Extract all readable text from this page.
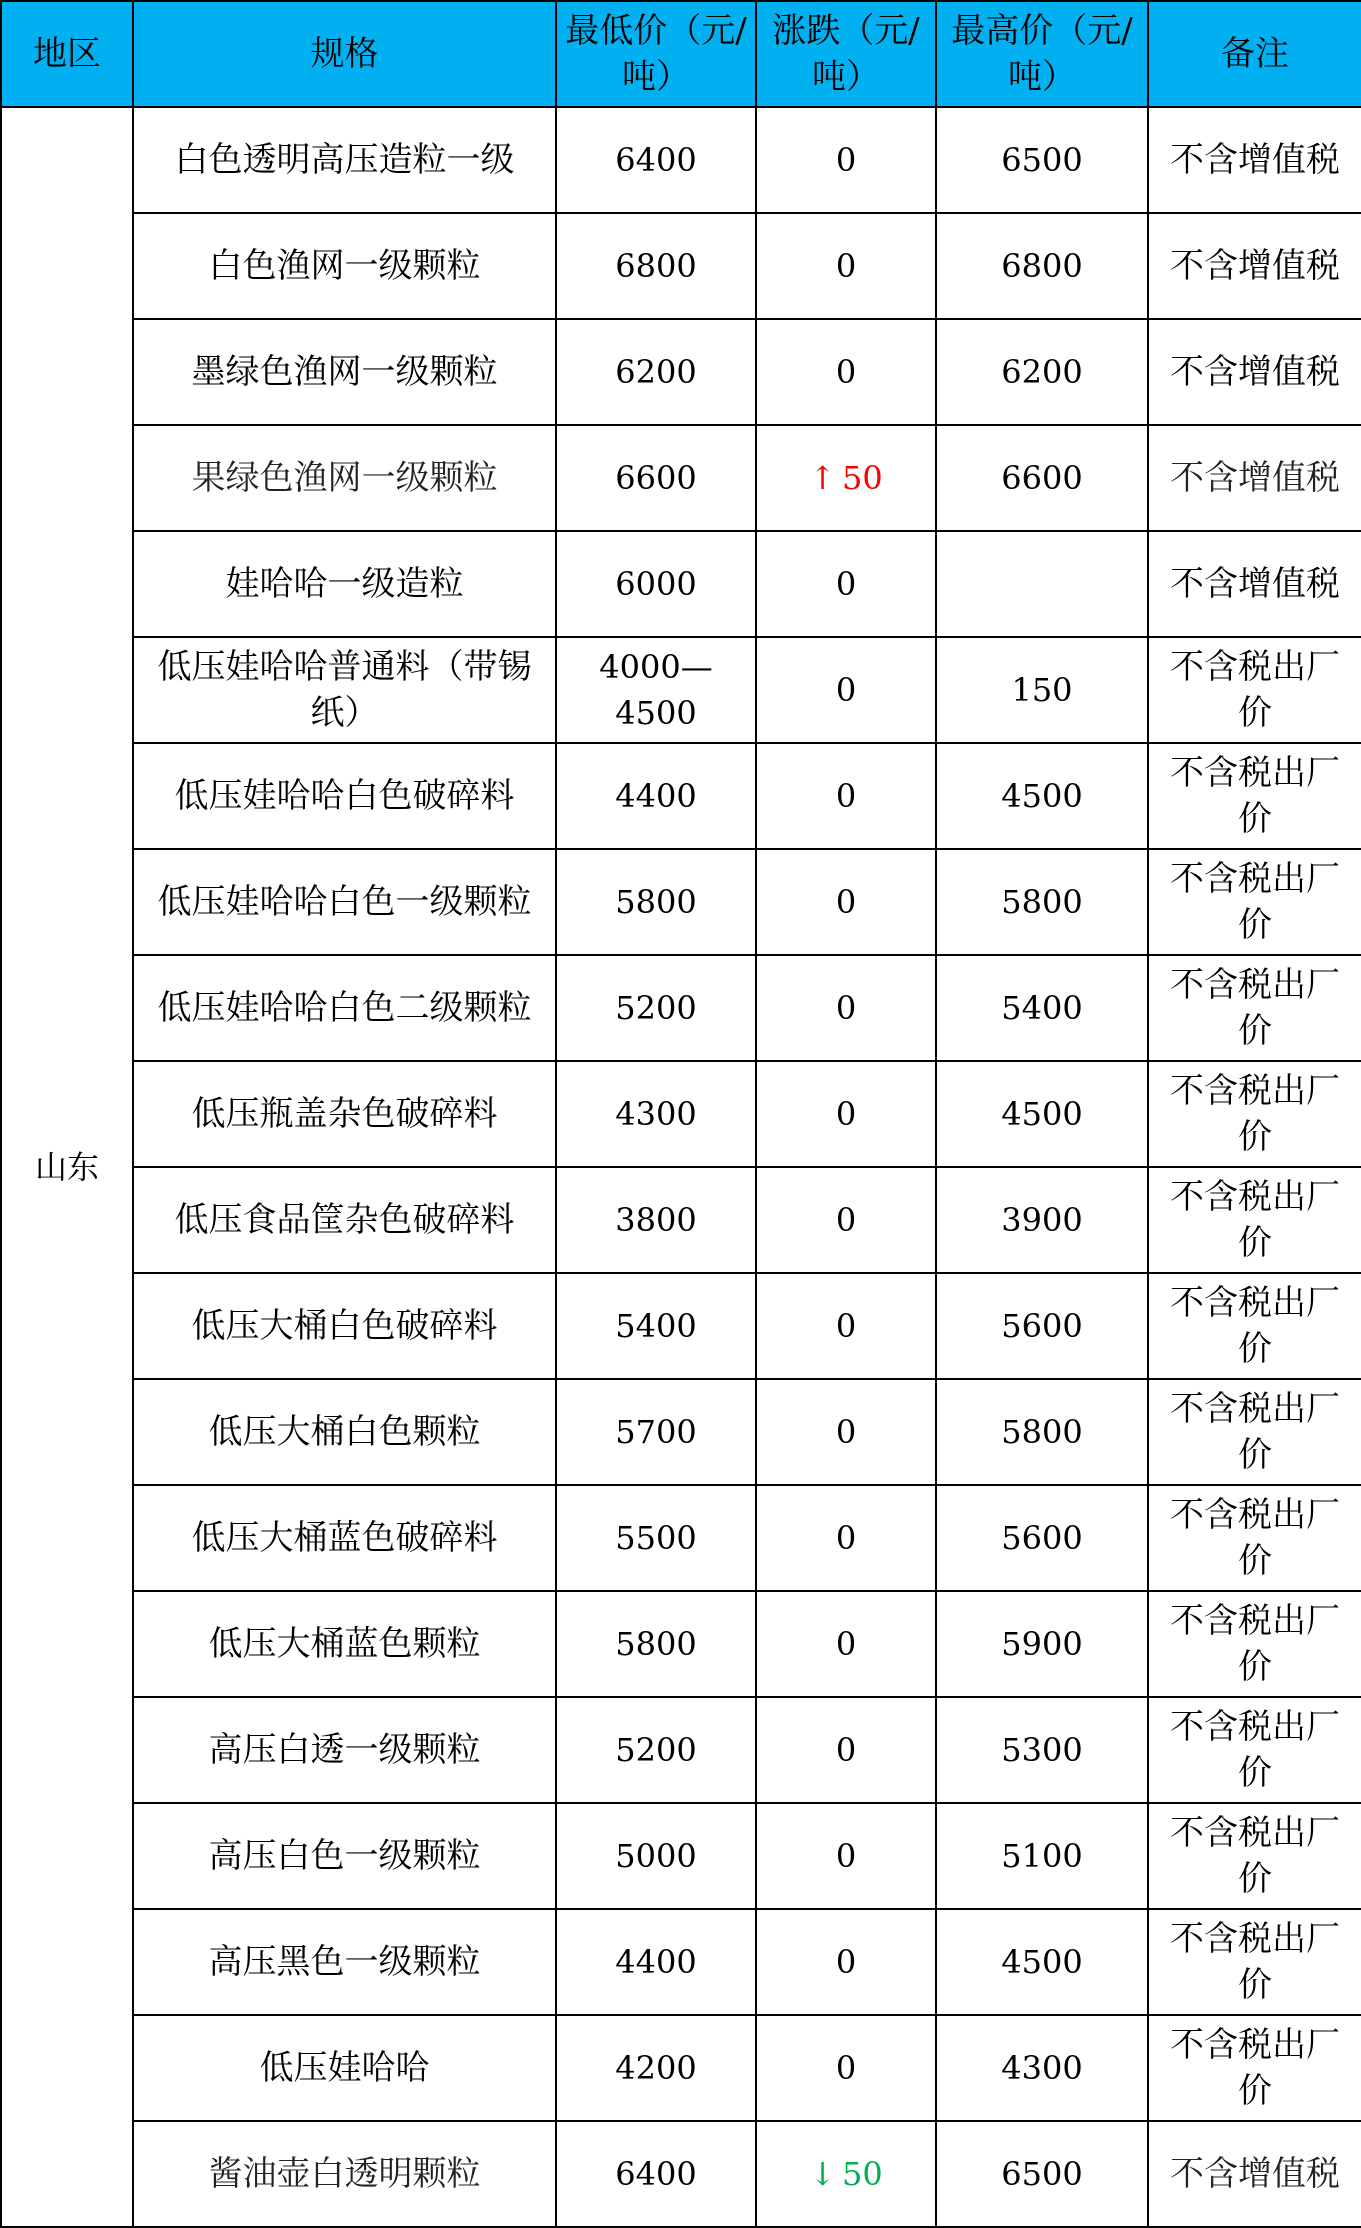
地区	规格	最低价（元/吨）	涨跌（元/吨）	最高价（元/吨）	备注
山东	白色透明高压造粒一级	6400	0	6500	不含增值税
	白色渔网一级颗粒	6800	0	6800	不含增值税
	墨绿色渔网一级颗粒	6200	0	6200	不含增值税
	果绿色渔网一级颗粒	6600	↑ 50	6600	不含增值税
	娃哈哈一级造粒	6000	0		不含增值税
	低压娃哈哈普通料（带锡纸）	4000—4500	0	150	不含税出厂价
	低压娃哈哈白色破碎料	4400	0	4500	不含税出厂价
	低压娃哈哈白色一级颗粒	5800	0	5800	不含税出厂价
	低压娃哈哈白色二级颗粒	5200	0	5400	不含税出厂价
	低压瓶盖杂色破碎料	4300	0	4500	不含税出厂价
	低压食品筐杂色破碎料	3800	0	3900	不含税出厂价
	低压大桶白色破碎料	5400	0	5600	不含税出厂价
	低压大桶白色颗粒	5700	0	5800	不含税出厂价
	低压大桶蓝色破碎料	5500	0	5600	不含税出厂价
	低压大桶蓝色颗粒	5800	0	5900	不含税出厂价
	高压白透一级颗粒	5200	0	5300	不含税出厂价
	高压白色一级颗粒	5000	0	5100	不含税出厂价
	高压黑色一级颗粒	4400	0	4500	不含税出厂价
	低压娃哈哈	4200	0	4300	不含税出厂价
	酱油壶白透明颗粒	6400	↓ 50	6500	不含增值税
